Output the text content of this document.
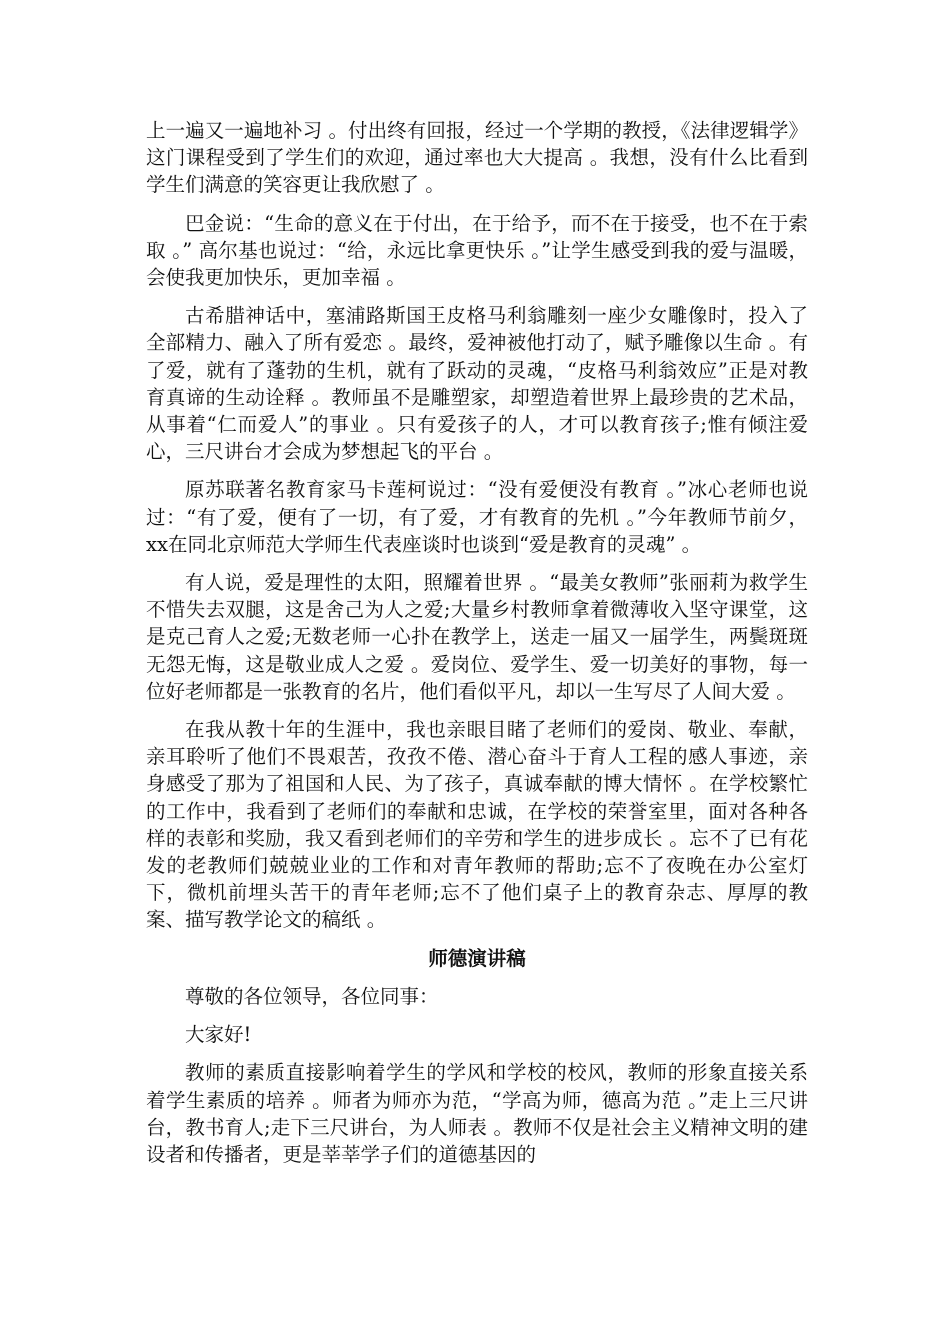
上一遍又一遍地补习 。付出终有回报，经过一个学期的教授，《法律逻辑学》这门课程受到了学生们的欢迎，通过率也大大提高 。我想，没有什么比看到学生们满意的笑容更让我欣慰了 。

巴金说：“生命的意义在于付出，在于给予，而不在于接受，也不在于索取 。” 高尔基也说过：“给，永远比拿更快乐 。”让学生感受到我的爱与温暖，会使我更加快乐，更加幸福 。

古希腊神话中，塞浦路斯国王皮格马利翁雕刻一座少女雕像时，投入了全部精力、融入了所有爱恋 。最终，爱神被他打动了，赋予雕像以生命 。有了爱，就有了蓬勃的生机，就有了跃动的灵魂，“皮格马利翁效应”正是对教育真谛的生动诠释 。教师虽不是雕塑家，却塑造着世界上最珍贵的艺术品，从事着“仁而爱人”的事业 。只有爱孩子的人，才可以教育孩子;惟有倾注爱心，三尺讲台才会成为梦想起飞的平台 。

原苏联著名教育家马卡莲柯说过：“没有爱便没有教育 。”冰心老师也说过：“有了爱，便有了一切，有了爱，才有教育的先机 。”今年教师节前夕，xx在同北京师范大学师生代表座谈时也谈到“爱是教育的灵魂” 。

有人说，爱是理性的太阳，照耀着世界 。“最美女教师”张丽莉为救学生不惜失去双腿，这是舍己为人之爱;大量乡村教师拿着微薄收入坚守课堂，这是克己育人之爱;无数老师一心扑在教学上，送走一届又一届学生，两鬓斑斑无怨无悔，这是敬业成人之爱 。爱岗位、爱学生、爱一切美好的事物，每一位好老师都是一张教育的名片，他们看似平凡，却以一生写尽了人间大爱 。

在我从教十年的生涯中，我也亲眼目睹了老师们的爱岗、敬业、奉献，亲耳聆听了他们不畏艰苦，孜孜不倦、潜心奋斗于育人工程的感人事迹，亲身感受了那为了祖国和人民、为了孩子，真诚奉献的博大情怀 。在学校繁忙的工作中，我看到了老师们的奉献和忠诚，在学校的荣誉室里，面对各种各样的表彰和奖励，我又看到老师们的辛劳和学生的进步成长 。忘不了已有花发的老教师们兢兢业业的工作和对青年教师的帮助;忘不了夜晚在办公室灯下，微机前埋头苦干的青年老师;忘不了他们桌子上的教育杂志、厚厚的教案、描写教学论文的稿纸 。

师德演讲稿

尊敬的各位领导，各位同事：

大家好!

教师的素质直接影响着学生的学风和学校的校风，教师的形象直接关系着学生素质的培养 。师者为师亦为范，“学高为师，德高为范 。”走上三尺讲台，教书育人;走下三尺讲台，为人师表 。教师不仅是社会主义精神文明的建设者和传播者，更是莘莘学子们的道德基因的
